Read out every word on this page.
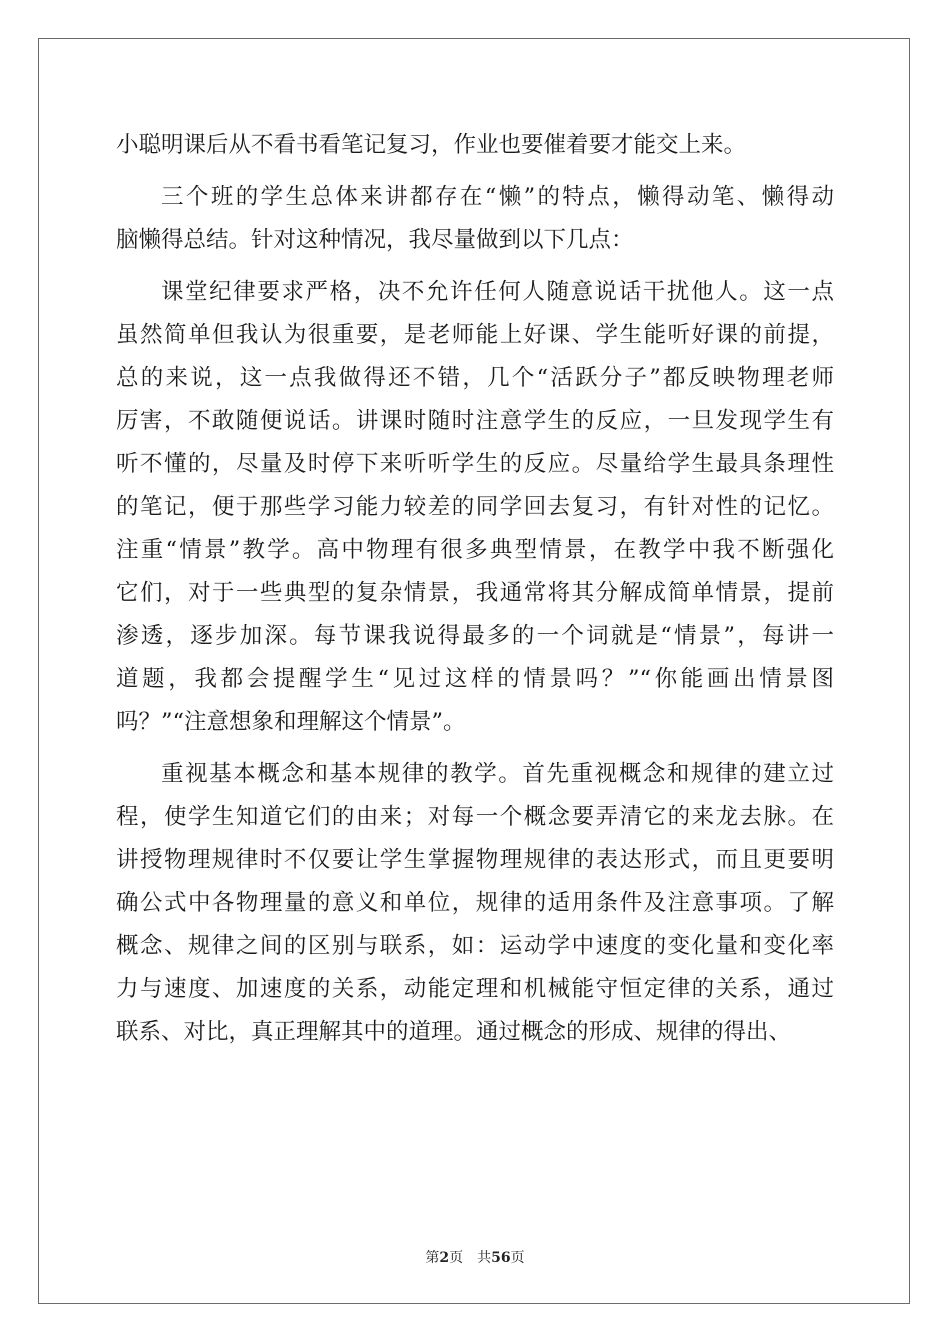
小聪明课后从不看书看笔记复习，作业也要催着要才能交上来。
三个班的学生总体来讲都存在“懒”的特点，懒得动笔、懒得动
脑懒得总结。针对这种情况，我尽量做到以下几点：
课堂纪律要求严格，决不允许任何人随意说话干扰他人。这一点
虽然简单但我认为很重要，是老师能上好课、学生能听好课的前提，
总的来说，这一点我做得还不错，几个“活跃分子”都反映物理老师
厉害，不敢随便说话。讲课时随时注意学生的反应，一旦发现学生有
听不懂的，尽量及时停下来听听学生的反应。尽量给学生最具条理性
的笔记，便于那些学习能力较差的同学回去复习，有针对性的记忆。
注重“情景”教学。高中物理有很多典型情景，在教学中我不断强化
它们，对于一些典型的复杂情景，我通常将其分解成简单情景，提前
渗透，逐步加深。每节课我说得最多的一个词就是“情景”，每讲一
道题，我都会提醒学生“见过这样的情景吗？”“你能画出情景图
吗？”“注意想象和理解这个情景”。
重视基本概念和基本规律的教学。首先重视概念和规律的建立过
程，使学生知道它们的由来；对每一个概念要弄清它的来龙去脉。在
讲授物理规律时不仅要让学生掌握物理规律的表达形式，而且更要明
确公式中各物理量的意义和单位，规律的适用条件及注意事项。了解
概念、规律之间的区别与联系，如：运动学中速度的变化量和变化率
力与速度、加速度的关系，动能定理和机械能守恒定律的关系，通过
联系、对比，真正理解其中的道理。通过概念的形成、规律的得出、
第2页 共56页
